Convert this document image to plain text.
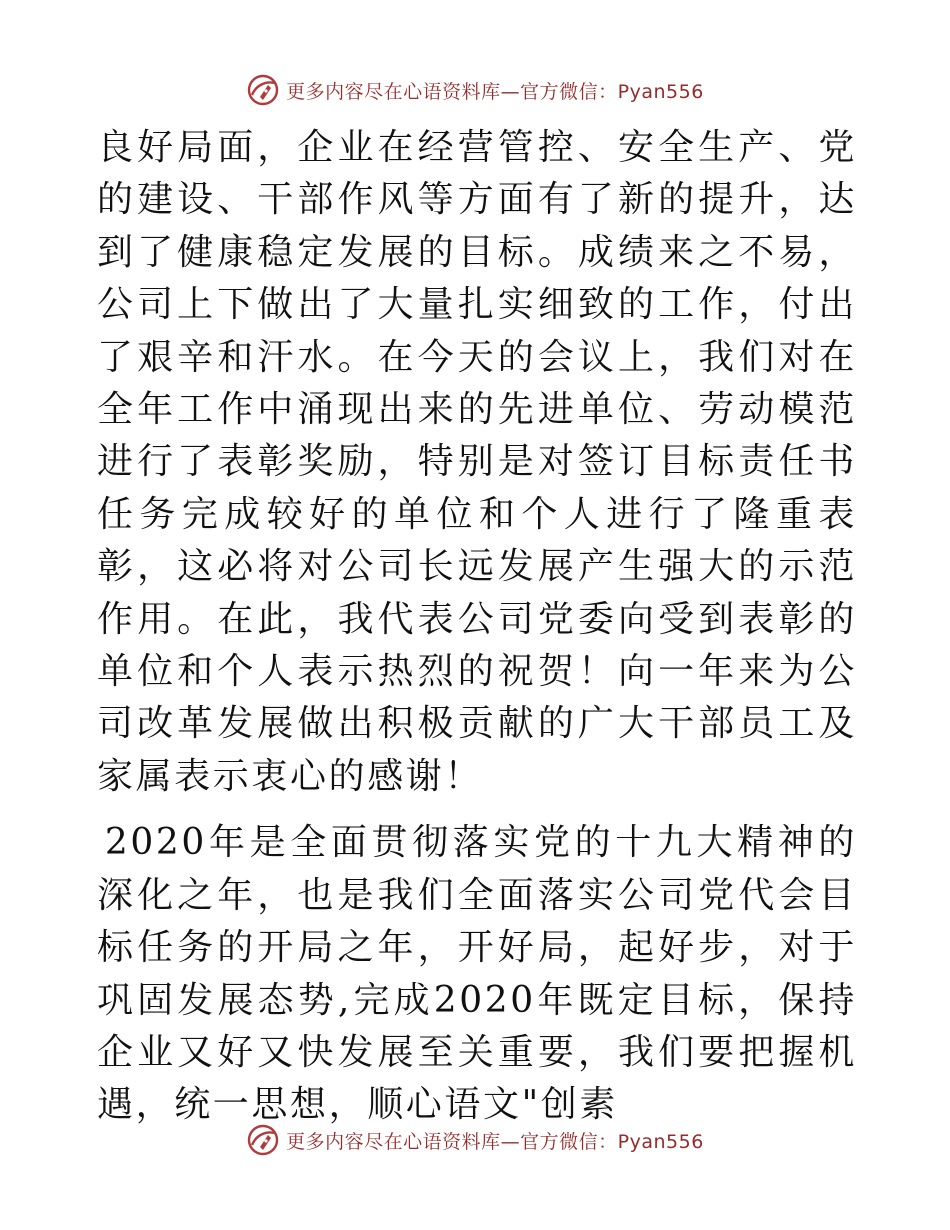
更多内容尽在心语资料库—官方微信：Pyan556

良好局面，企业在经营管控、安全生产、党的建设、干部作风等方面有了新的提升，达到了健康稳定发展的目标。成绩来之不易，公司上下做出了大量扎实细致的工作，付出了艰辛和汗水。在今天的会议上，我们对在全年工作中涌现出来的先进单位、劳动模范进行了表彰奖励，特别是对签订目标责任书任务完成较好的单位和个人进行了隆重表彰，这必将对公司长远发展产生强大的示范作用。在此，我代表公司党委向受到表彰的单位和个人表示热烈的祝贺！向一年来为公司改革发展做出积极贡献的广大干部员工及家属表示衷心的感谢！

2020年是全面贯彻落实党的十九大精神的深化之年，也是我们全面落实公司党代会目标任务的开局之年，开好局，起好步，对于巩固发展态势,完成2020年既定目标，保持企业又好又快发展至关重要，我们要把握机遇，统一思想，顺心语文"创素

更多内容尽在心语资料库—官方微信：Pyan556
